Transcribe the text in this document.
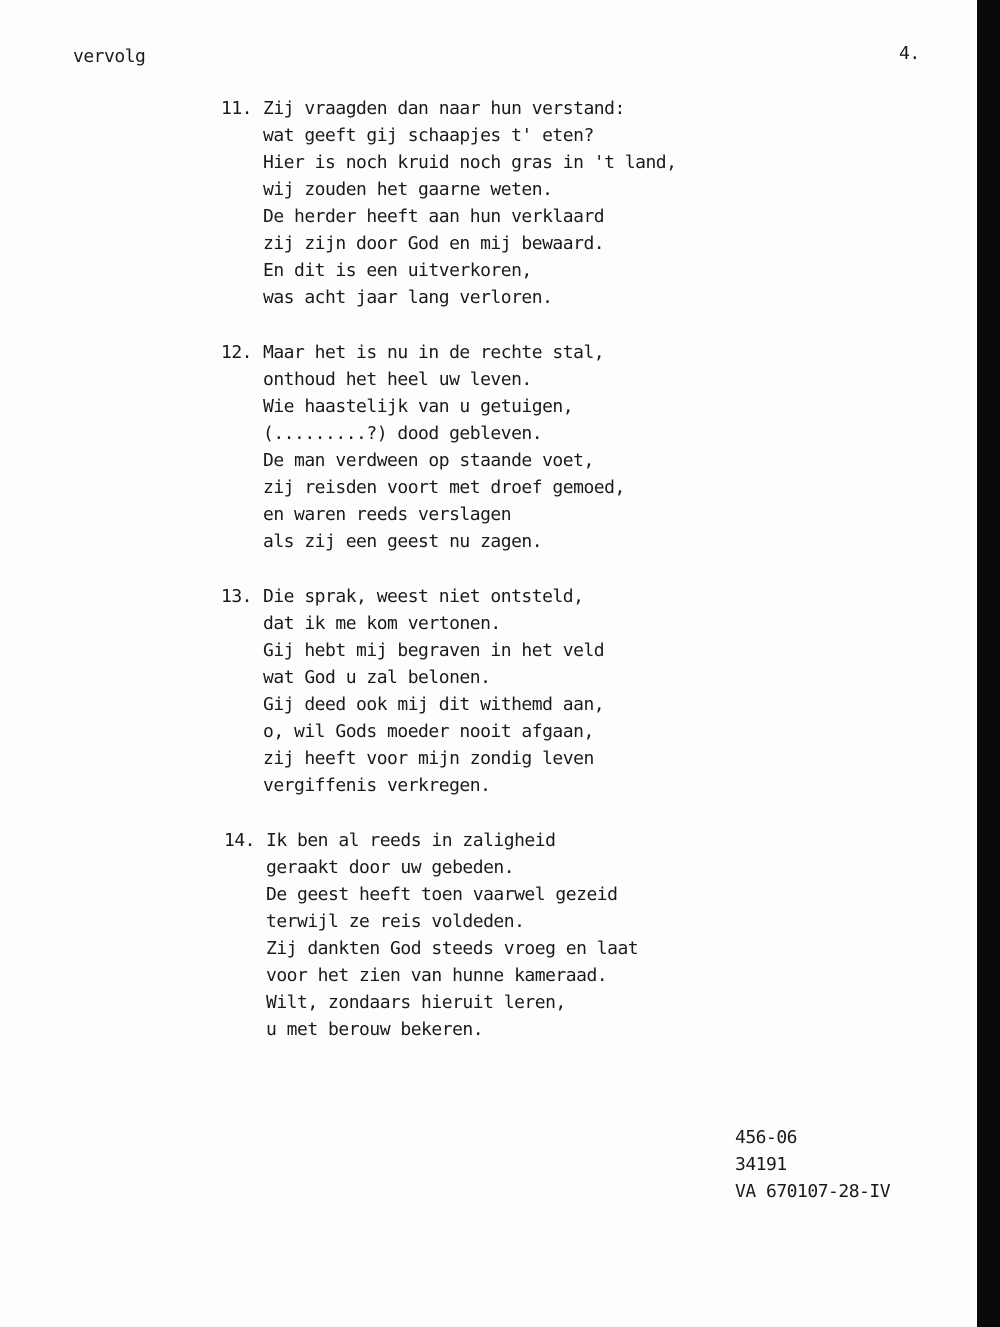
vervolg	4.
11. Zij vraagden dan naar hun verstand:
wat geeft gij schaapjes t' eten?
Hier is noch kruid noch gras in 't land,
wij zouden het gaarne weten.
De herder heeft aan hun verklaard
zij zijn door God en mij bewaard.
En dit is een uitverkoren,
was acht jaar lang verloren.
12. Maar het is nu in de rechte stal,
onthoud het heel uw leven.
Wie haastelijk van u getuigen,
(.........?) dood gebleven.
De man verdween op staande voet,
zij reisden voort met droef gemoed,
en waren reeds verslagen
als zij een geest nu zagen.
13. Die sprak, weest niet ontsteld,
dat ik me kom vertonen.
Gij hebt mij begraven in het veld
wat God u zal belonen.
Gij deed ook mij dit withemd aan,
o, wil Gods moeder nooit afgaan,
zij heeft voor mijn zondig leven
vergiffenis verkregen.
14. Ik ben al reeds in zaligheid
geraakt door uw gebeden.
De geest heeft toen vaarwel gezeid
terwijl ze reis voldeden.
Zij dankten God steeds vroeg en laat
voor het zien van hunne kameraad.
Wilt, zondaars hieruit leren,
u met berouw bekeren.
456-06
34191
VA 670107-28-IV
